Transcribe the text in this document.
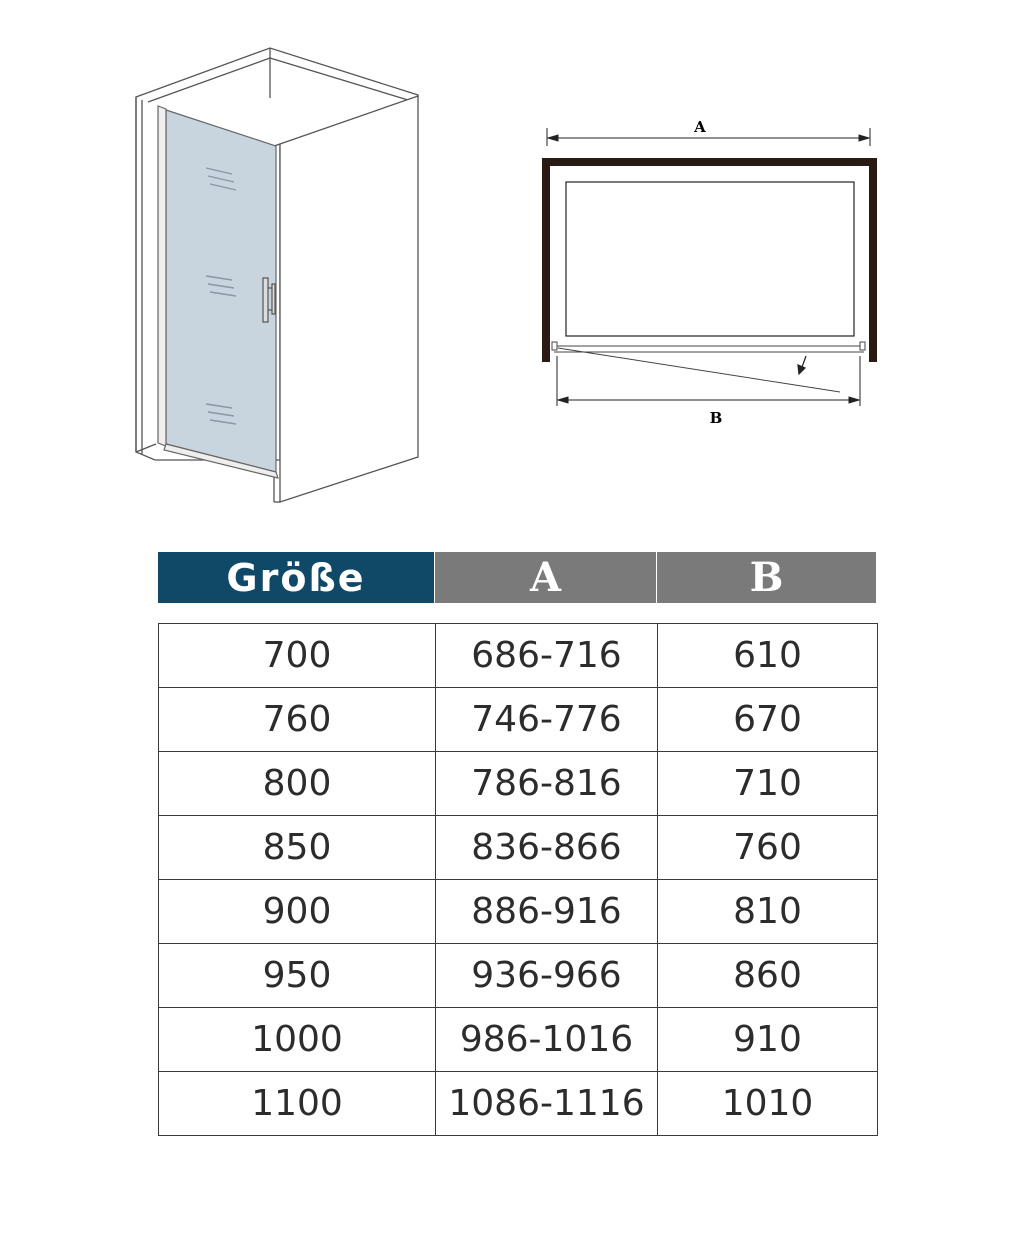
A
B
Größe	A	B
700	686-716	610
760	746-776	670
800	786-816	710
850	836-866	760
900	886-916	810
950	936-966	860
1000	986-1016	910
1100	1086-1116	1010
